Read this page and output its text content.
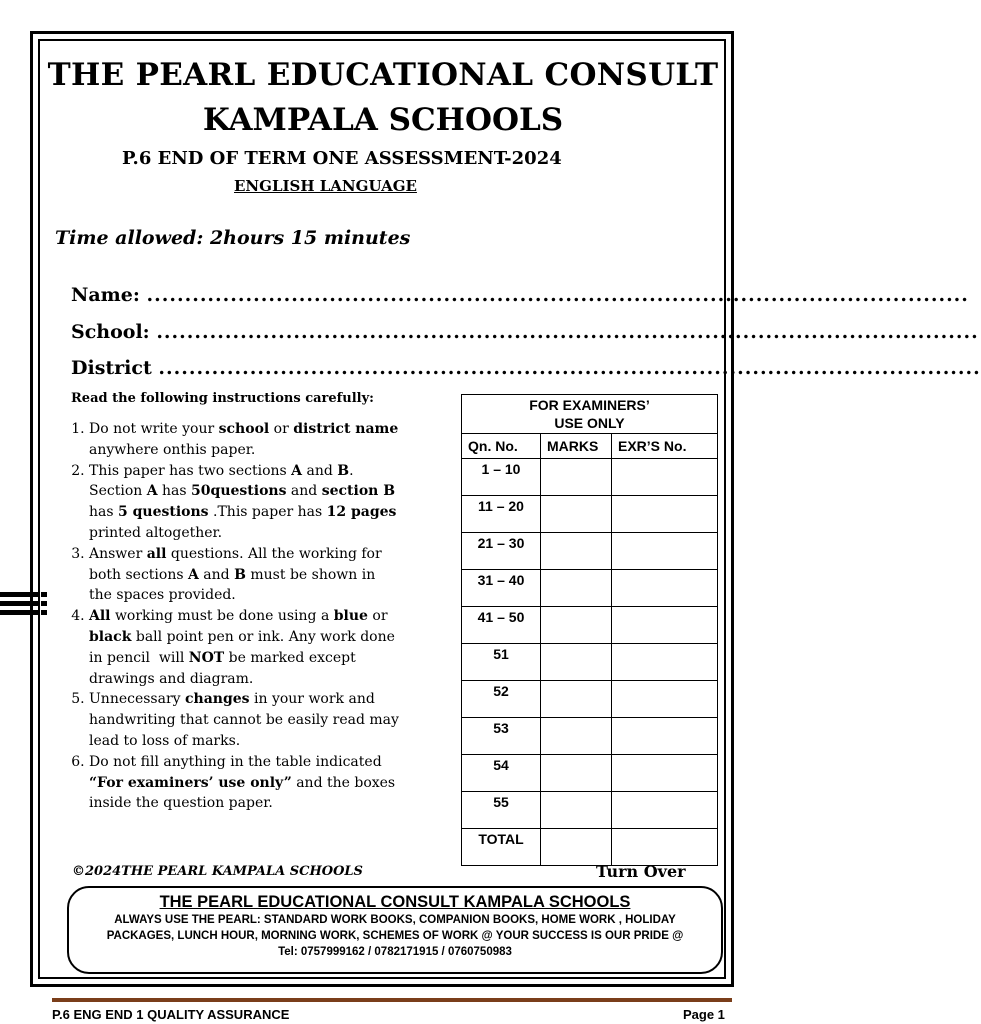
THE PEARL EDUCATIONAL CONSULT
KAMPALA SCHOOLS
P.6 END OF TERM ONE ASSESSMENT-2024
ENGLISH LANGUAGE
Time allowed: 2hours 15 minutes
Name: ............................................................................................................
School: ............................................................................................................
District ............................................................................................................
Read the following instructions carefully:
1. Do not write your school or district name anywhere onthis paper.
2. This paper has two sections A and B. Section A has 50questions and section B has 5 questions .This paper has 12 pages printed altogether.
3. Answer all questions. All the working for both sections A and B must be shown in the spaces provided.
4. All working must be done using a blue or black ball point pen or ink. Any work done in pencil  will NOT be marked except drawings and diagram.
5. Unnecessary changes in your work and handwriting that cannot be easily read may lead to loss of marks.
6. Do not fill anything in the table indicated “For examiners’ use only” and the boxes inside the question paper.
FOR EXAMINERS’
USE ONLY		
Qn. No.	MARKS	EXR’S No.
1 – 10		
11 – 20		
21 – 30		
31 – 40		
41 – 50		
51		
52		
53		
54		
55		
TOTAL		
©2024THE PEARL KAMPALA SCHOOLS	Turn Over
THE PEARL EDUCATIONAL CONSULT KAMPALA SCHOOLS
ALWAYS USE THE PEARL: STANDARD WORK BOOKS, COMPANION BOOKS, HOME WORK , HOLIDAY
PACKAGES, LUNCH HOUR, MORNING WORK, SCHEMES OF WORK @ YOUR SUCCESS IS OUR PRIDE @
Tel: 0757999162 / 0782171915 / 0760750983
P.6 ENG END 1 QUALITY ASSURANCE	Page 1
